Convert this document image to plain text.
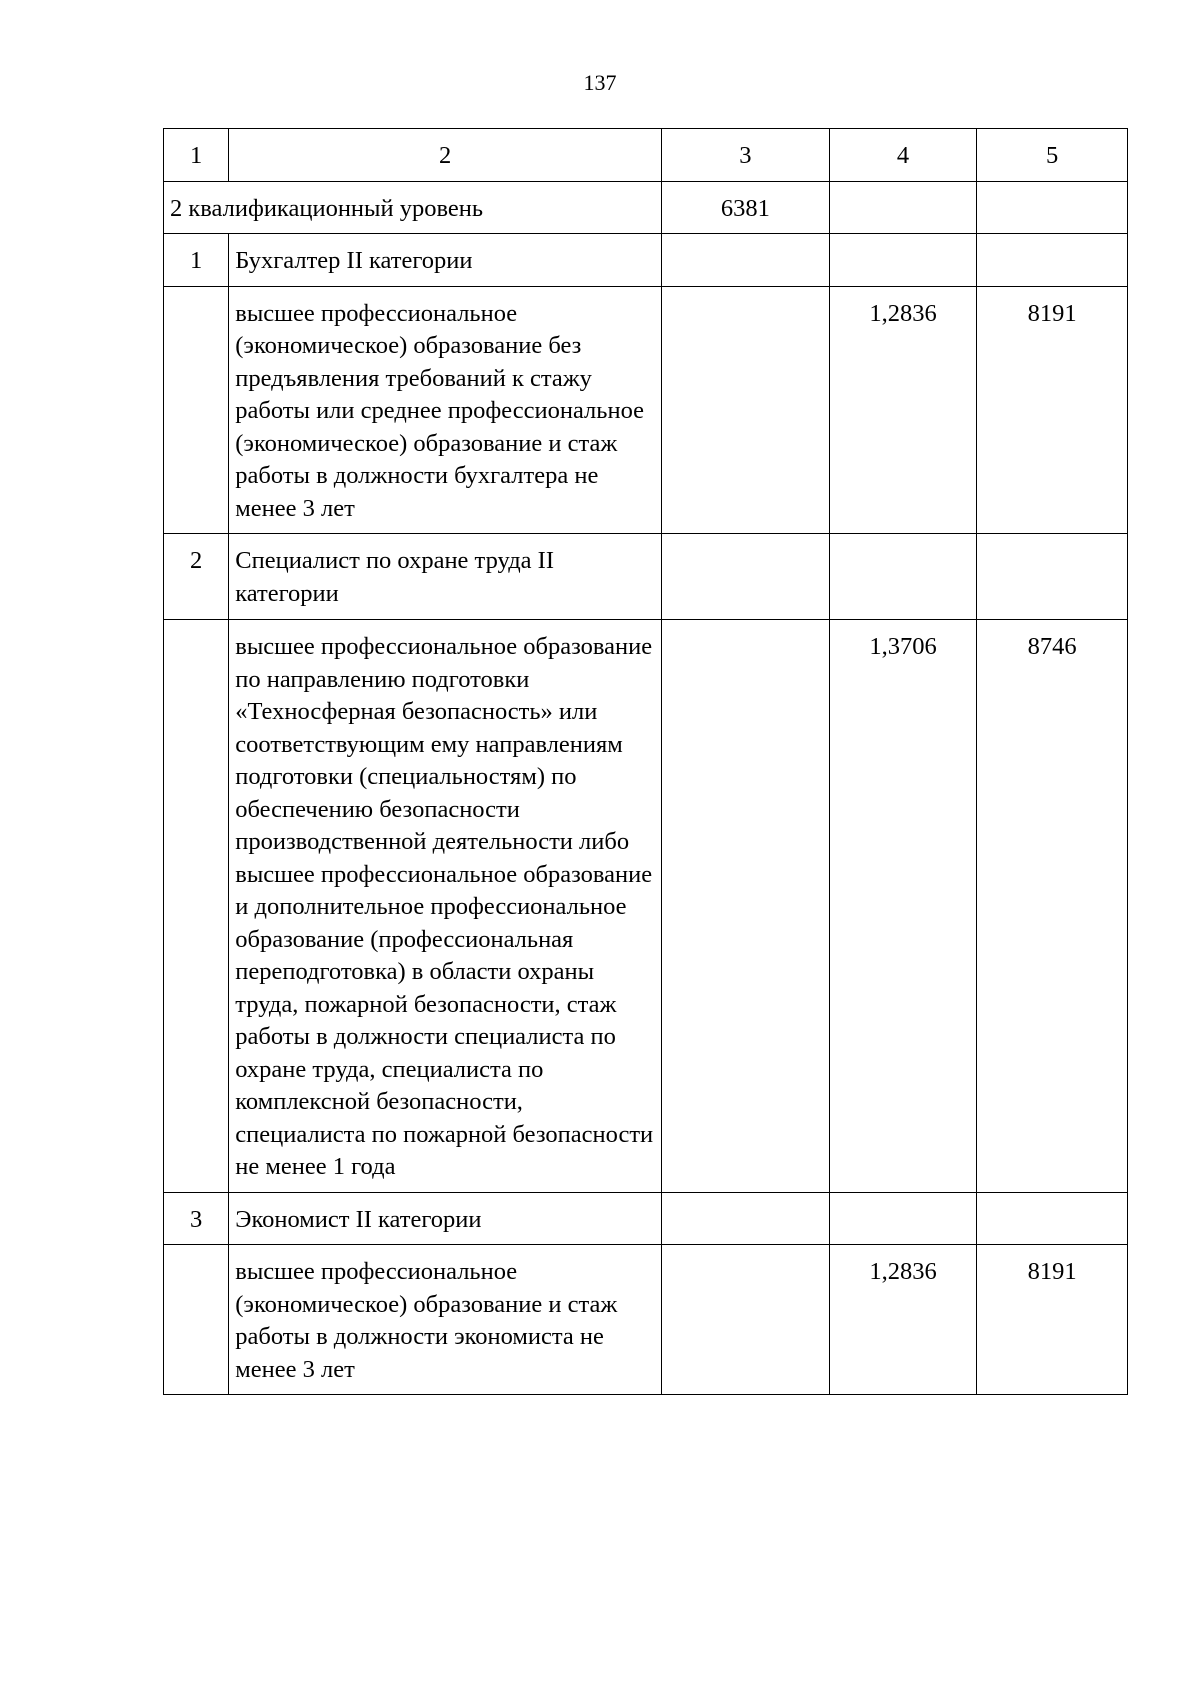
137
1	2	3	4	5
2 квалификационный уровень		6381		
1	Бухгалтер II категории			
	высшее профессиональное (экономическое) образование без предъявления требований к стажу работы или среднее профессиональное (экономическое) образование и стаж работы в должности бухгалтера не менее 3 лет		1,2836	8191
2	Специалист по охране труда II категории			
	высшее профессиональное образование по направлению подготовки «Техносферная безопасность» или соответствующим ему направлениям подготовки (специальностям) по обеспечению безопасности производственной деятельности либо высшее профессиональное образование и дополнительное профессиональное образование (профессиональная переподготовка) в области охраны труда, пожарной безопасности, стаж работы в должности специалиста по охране труда, специалиста по комплексной безопасности, специалиста по пожарной безопасности не менее 1 года		1,3706	8746
3	Экономист II категории			
	высшее профессиональное (экономическое) образование и стаж работы в должности экономиста не менее 3 лет		1,2836	8191
